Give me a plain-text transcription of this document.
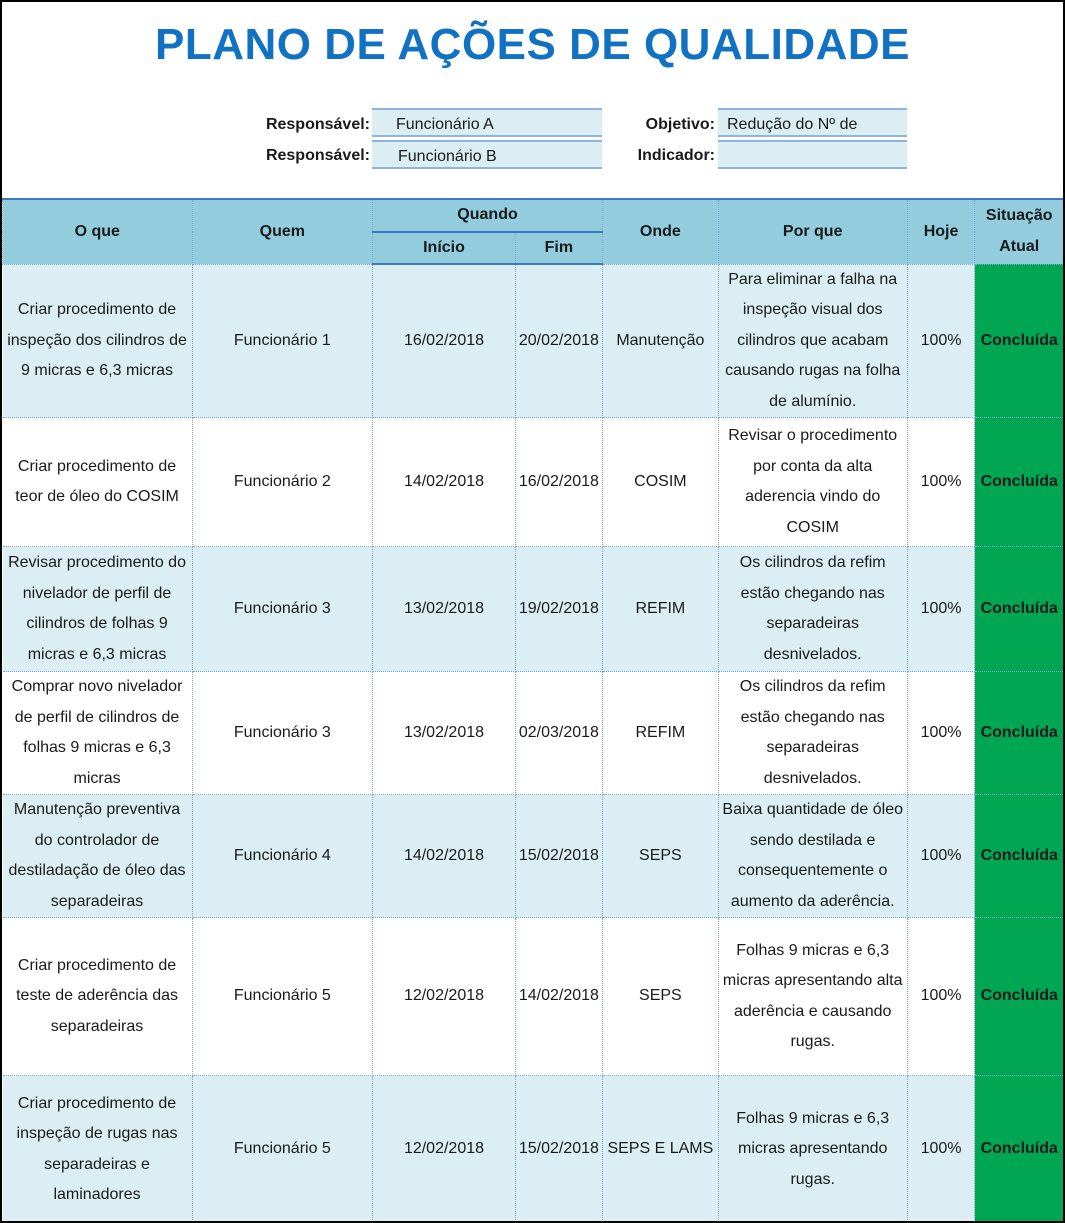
PLANO DE AÇÕES DE QUALIDADE
Responsável:	Funcionário A
Responsável:	Funcionário B
Objetivo: Redução do Nº de
Indicador:
O que	Quem	Quando		Onde	Por que	Hoje	Situação Atual
		Início	Fim				
Criar procedimento de inspeção dos cilindros de 9 micras e 6,3 micras	Funcionário 1	16/02/2018	20/02/2018	Manutenção	Para eliminar a falha na inspeção visual dos cilindros que acabam causando rugas na folha de alumínio.	100%	Concluída
Criar procedimento de teor de óleo do COSIM	Funcionário 2	14/02/2018	16/02/2018	COSIM	Revisar o procedimento por conta da alta aderencia vindo do COSIM	100%	Concluída
Revisar procedimento do nivelador de perfil de cilindros de folhas 9 micras e 6,3 micras	Funcionário 3	13/02/2018	19/02/2018	REFIM	Os cilindros da refim estão chegando nas separadeiras desnivelados.	100%	Concluída
Comprar novo nivelador de perfil de cilindros de folhas 9 micras e 6,3 micras	Funcionário 3	13/02/2018	02/03/2018	REFIM	Os cilindros da refim estão chegando nas separadeiras desnivelados.	100%	Concluída
Manutenção preventiva do controlador de destiladação de óleo das separadeiras	Funcionário 4	14/02/2018	15/02/2018	SEPS	Baixa quantidade de óleo sendo destilada e consequentemente o aumento da aderência.	100%	Concluída
Criar procedimento de teste de aderência das separadeiras	Funcionário 5	12/02/2018	14/02/2018	SEPS	Folhas 9 micras e 6,3 micras apresentando alta aderência e causando rugas.	100%	Concluída
Criar procedimento de inspeção de rugas nas separadeiras e laminadores	Funcionário 5	12/02/2018	15/02/2018	SEPS E LAMS	Folhas 9 micras e 6,3 micras apresentando rugas.	100%	Concluída
